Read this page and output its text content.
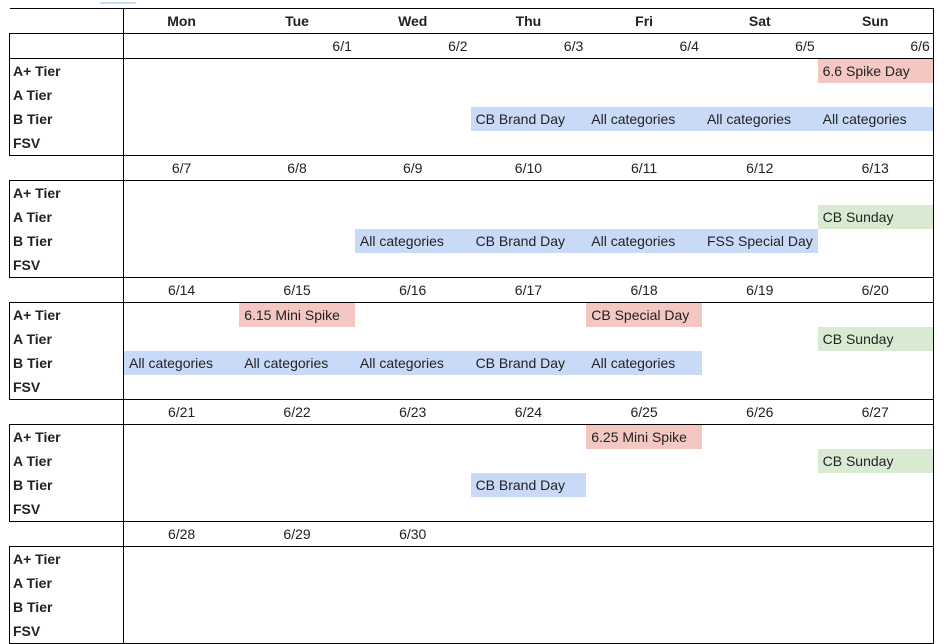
	Mon	Tue	Wed	Thu	Fri	Sat	Sun
		6/1	6/2	6/3	6/4	6/5	6/6
A+ Tier							6.6 Spike Day

A Tier							
B Tier				CB Brand Day	All categories	All categories	All categories

FSV							
	6/7	6/8	6/9	6/10	6/11	6/12	6/13
A+ Tier							
A Tier							CB Sunday

B Tier			All categories	CB Brand Day	All categories	FSS Special Day	

FSV							
	6/14	6/15	6/16	6/17	6/18	6/19	6/20
A+ Tier		6.15 Mini Spike			CB Special Day		

A Tier							CB Sunday

B Tier	All categories	All categories	All categories	CB Brand Day	All categories		

FSV							
	6/21	6/22	6/23	6/24	6/25	6/26	6/27
A+ Tier					6.25 Mini Spike		

A Tier							CB Sunday

B Tier				CB Brand Day			

FSV							
	6/28	6/29	6/30				
A+ Tier							
A Tier							
B Tier							
FSV							
